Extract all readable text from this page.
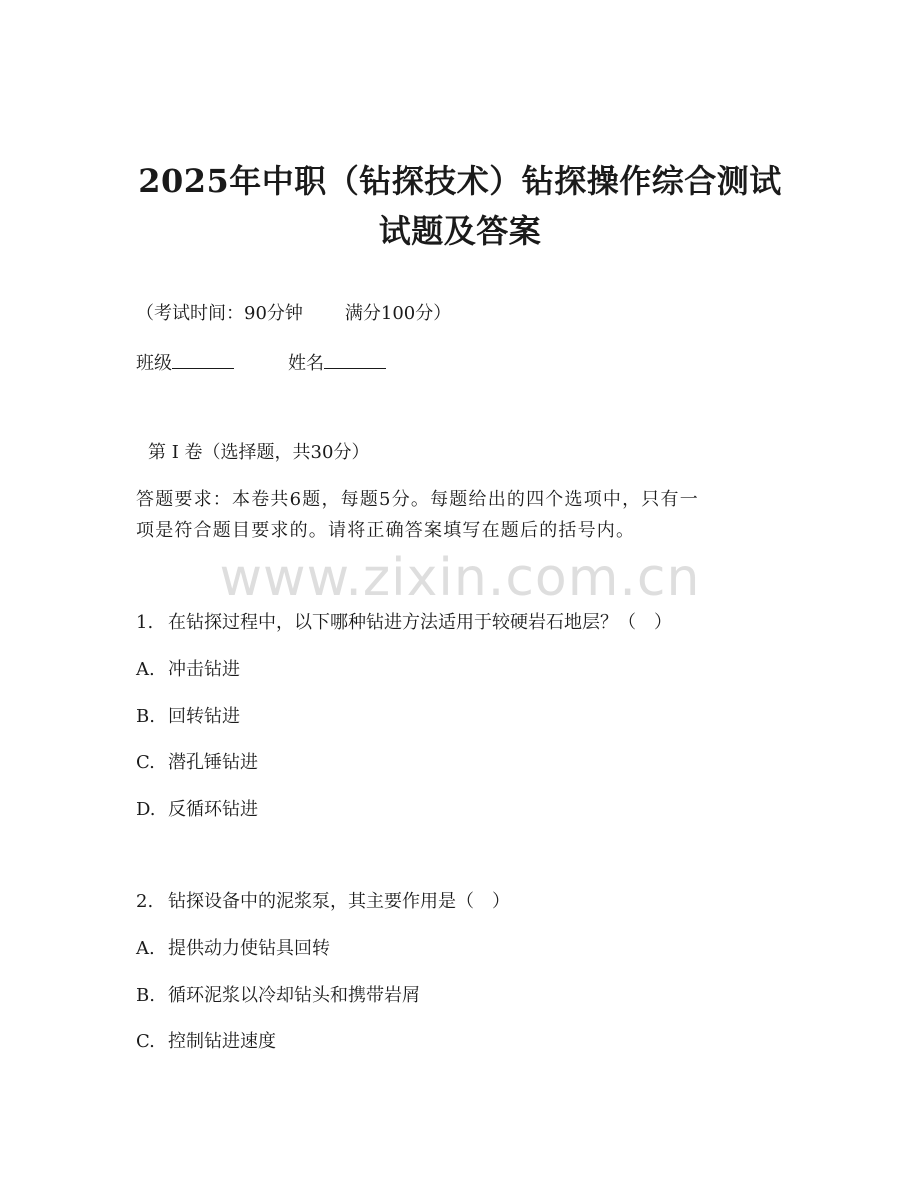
www.zixin.com.cn
2025年中职（钻探技术）钻探操作综合测试
试题及答案
（考试时间：90分钟 满分100分）
班级	姓名
第 I 卷（选择题，共30分）
答题要求：本卷共6题，每题5分。每题给出的四个选项中，只有一
项是符合题目要求的。请将正确答案填写在题后的括号内。
1. 在钻探过程中，以下哪种钻进方法适用于较硬岩石地层？（　）
A. 冲击钻进
B. 回转钻进
C. 潜孔锤钻进
D. 反循环钻进
2. 钻探设备中的泥浆泵，其主要作用是（　）
A. 提供动力使钻具回转
B. 循环泥浆以冷却钻头和携带岩屑
C. 控制钻进速度
